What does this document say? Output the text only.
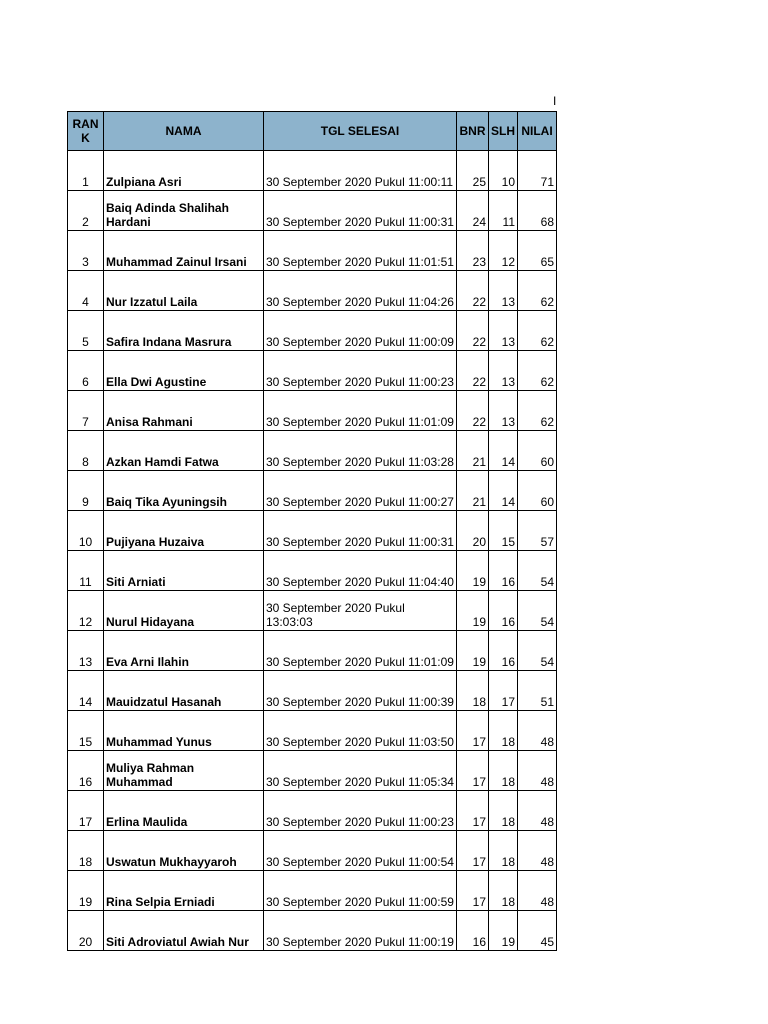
I
RANK	NAMA	TGL SELESAI	BNR	SLH	NILAI
1	Zulpiana Asri	30 September 2020 Pukul 11:00:11	25	10	71
2	Baiq Adinda Shalihah Hardani	30 September 2020 Pukul 11:00:31	24	11	68
3	Muhammad Zainul Irsani	30 September 2020 Pukul 11:01:51	23	12	65
4	Nur Izzatul Laila	30 September 2020 Pukul 11:04:26	22	13	62
5	Safira Indana Masrura	30 September 2020 Pukul 11:00:09	22	13	62
6	Ella Dwi Agustine	30 September 2020 Pukul 11:00:23	22	13	62
7	Anisa Rahmani	30 September 2020 Pukul 11:01:09	22	13	62
8	Azkan Hamdi Fatwa	30 September 2020 Pukul 11:03:28	21	14	60
9	Baiq Tika Ayuningsih	30 September 2020 Pukul 11:00:27	21	14	60
10	Pujiyana Huzaiva	30 September 2020 Pukul 11:00:31	20	15	57
11	Siti Arniati	30 September 2020 Pukul 11:04:40	19	16	54
12	Nurul Hidayana	30 September 2020 Pukul 13:03:03	19	16	54
13	Eva Arni Ilahin	30 September 2020 Pukul 11:01:09	19	16	54
14	Mauidzatul Hasanah	30 September 2020 Pukul 11:00:39	18	17	51
15	Muhammad Yunus	30 September 2020 Pukul 11:03:50	17	18	48
16	Muliya Rahman Muhammad	30 September 2020 Pukul 11:05:34	17	18	48
17	Erlina Maulida	30 September 2020 Pukul 11:00:23	17	18	48
18	Uswatun Mukhayyaroh	30 September 2020 Pukul 11:00:54	17	18	48
19	Rina Selpia Erniadi	30 September 2020 Pukul 11:00:59	17	18	48
20	Siti Adroviatul Awiah Nur	30 September 2020 Pukul 11:00:19	16	19	45
